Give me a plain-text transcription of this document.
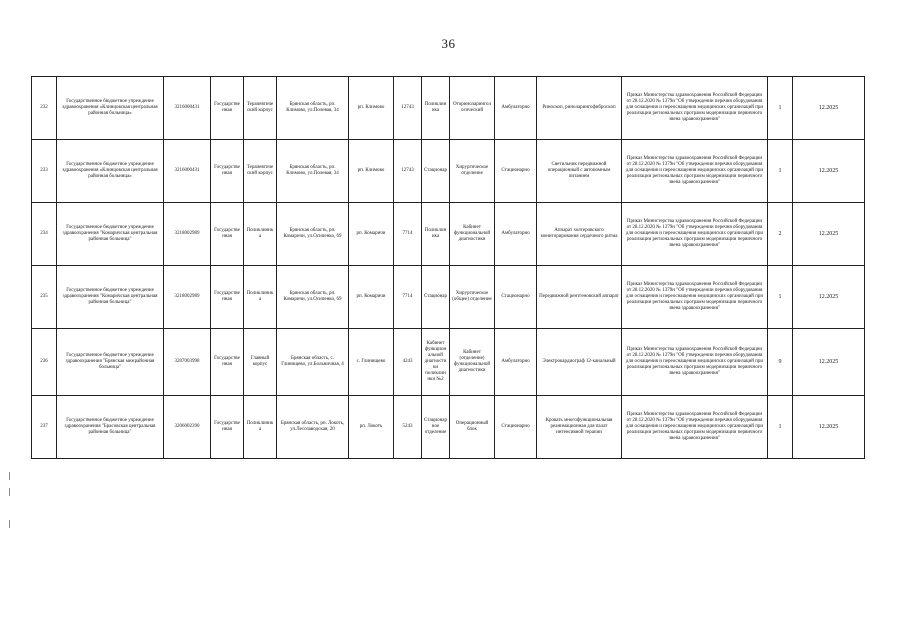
36
232	Государственное бюджетное учреждение здравоохранения «Клинцовская центральная районная больница»	3216000431	Государственная	Терапевтический корпус	Брянская область, рп. Климово, ул.Полевая, 34	рп. Климово	12743	Поликлиника	Оториноларингологический	Амбулаторно	Риноскоп, риноларингофиброскоп	Приказ Министерства здравоохранения Российской Федерации от 28.12.2020 № 1379н "Об утверждении перечня оборудования для оснащения и переоснащения медицинских организаций при реализации региональных программ модернизации первичного звена здравоохранения"	1	12.2025
233	Государственное бюджетное учреждение здравоохранения «Клинцовская центральная районная больница»	3216000431	Государственная	Терапевтический корпус	Брянская область, рп. Климово, ул.Полевая, 34	рп. Климово	12743	Стационар	Хирургическое отделение	Стационарно	Светильник передвижной операционный с автономным питанием	Приказ Министерства здравоохранения Российской Федерации от 28.12.2020 № 1379н "Об утверждении перечня оборудования для оснащения и переоснащения медицинских организаций при реализации региональных программ модернизации первичного звена здравоохранения"	1	12.2025
234	Государственное бюджетное учреждение здравоохранения "Комаричская центральная районная больница"	3218002989	Государственная	Поликлиника	Брянская область, рп. Комаричи, ул.Осипенко, 69	рп. Комаричи	7714	Поликлиника	Кабинет функциональной диагностики	Амбулаторно	Аппарат холтеровского мониторирования сердечного ритма	Приказ Министерства здравоохранения Российской Федерации от 28.12.2020 № 1379н "Об утверждении перечня оборудования для оснащения и переоснащения медицинских организаций при реализации региональных программ модернизации первичного звена здравоохранения"	2	12.2025
235	Государственное бюджетное учреждение здравоохранения "Комаричская центральная районная больница"	3218002989	Государственная	Поликлиника	Брянская область, рп. Комаричи, ул.Осипенко, 69	рп. Комаричи	7714	Стационар	Хирургическое (общее) отделение	Стационарно	Передвижной рентгеновский аппарат	Приказ Министерства здравоохранения Российской Федерации от 28.12.2020 № 1379н "Об утверждении перечня оборудования для оснащения и переоснащения медицинских организаций при реализации региональных программ модернизации первичного звена здравоохранения"	1	12.2025
236	Государственное бюджетное учреждение здравоохранения "Брянская межрайонная больница"	3207003998	Государственная	Главный корпус	Брянская область, с. Глинищево, ул.Больничная, 4	с. Глинищево	4243	Кабинет функциональной диагностики поликлиники №2	Кабинет (отделение) функциональной диагностики	Амбулаторно	Электрокардиограф 12-канальный	Приказ Министерства здравоохранения Российской Федерации от 28.12.2020 № 1379н "Об утверждении перечня оборудования для оснащения и переоснащения медицинских организаций при реализации региональных программ модернизации первичного звена здравоохранения"	9	12.2025
237	Государственное бюджетное учреждение здравоохранения "Брасовская центральная районная больница"	3206002390	Государственная	Поликлиника	Брянская область, рп. Локоть, ул.Лесозаводская, 20	рп. Локоть	5243	Стационарное отделение	Операционный блок	Стационарно	Кровать многофункциональная реанимационная для палат интенсивной терапии	Приказ Министерства здравоохранения Российской Федерации от 28.12.2020 № 1379н "Об утверждении перечня оборудования для оснащения и переоснащения медицинских организаций при реализации региональных программ модернизации первичного звена здравоохранения"	1	12.2025
